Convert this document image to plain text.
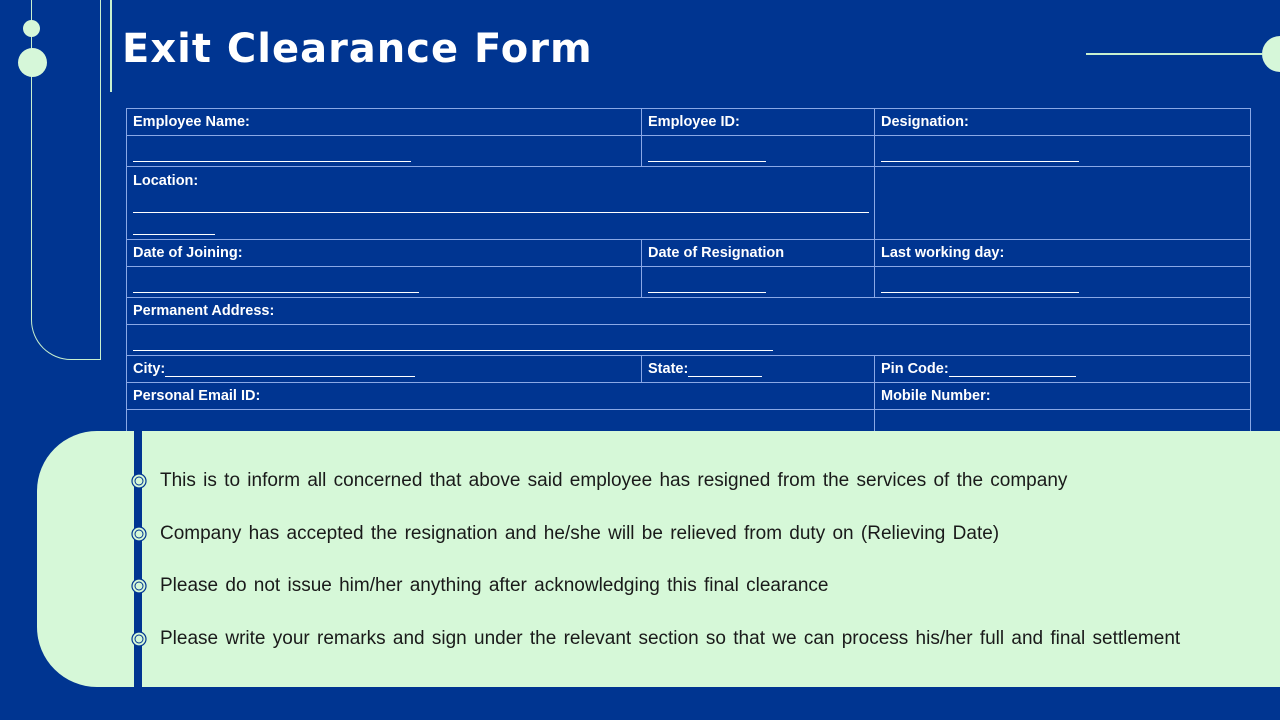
Exit Clearance Form
Employee Name:	Employee ID:	Designation:

Location:		

Date of Joining:	Date of Resignation	Last working day:

Permanent Address:		

City:	State:	Pin Code:
Personal Email ID:		Mobile Number:

This is to inform all concerned that above said employee has resigned from the services of the company
Company has accepted the resignation and he/she will be relieved from duty on (Relieving Date)
Please do not issue him/her anything after acknowledging this final clearance
Please write your remarks and sign under the relevant section so that we can process his/her full and final settlement
